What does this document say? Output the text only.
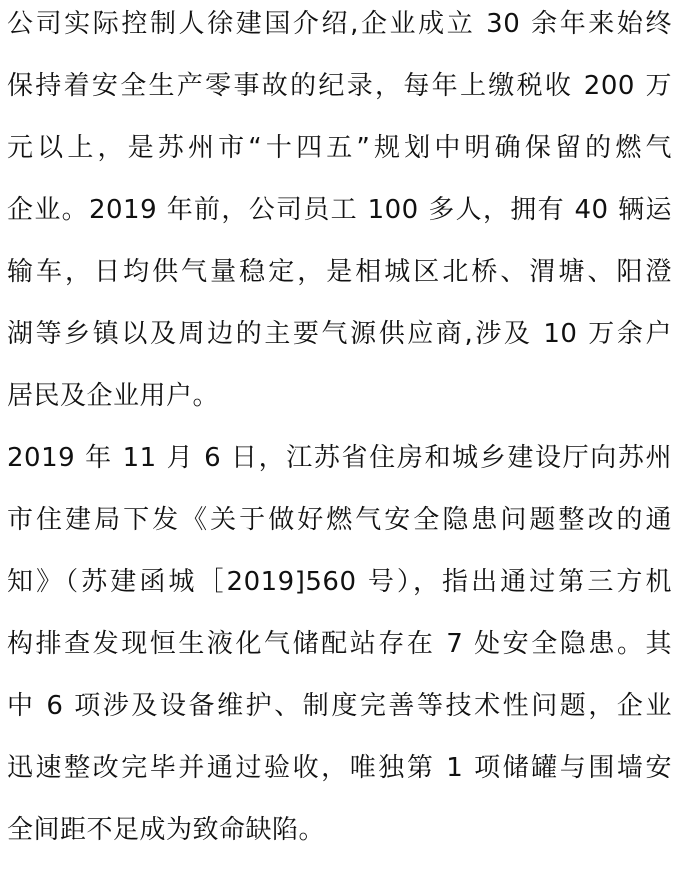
公司实际控制人徐建国介绍,企业成立 30 余年来始终
保持着安全生产零事故的纪录，每年上缴税收 200 万
元以上，是苏州市“十四五”规划中明确保留的燃气
企业。2019 年前，公司员工 100 多人，拥有 40 辆运
输车，日均供气量稳定，是相城区北桥、渭塘、阳澄
湖等乡镇以及周边的主要气源供应商,涉及 10 万余户
居民及企业用户。
2019 年 11 月 6 日，江苏省住房和城乡建设厅向苏州
市住建局下发《关于做好燃气安全隐患问题整改的通
知》（苏建函城［2019]560 号），指出通过第三方机
构排查发现恒生液化气储配站存在 7 处安全隐患。其
中 6 项涉及设备维护、制度完善等技术性问题，企业
迅速整改完毕并通过验收，唯独第 1 项储罐与围墙安
全间距不足成为致命缺陷。
